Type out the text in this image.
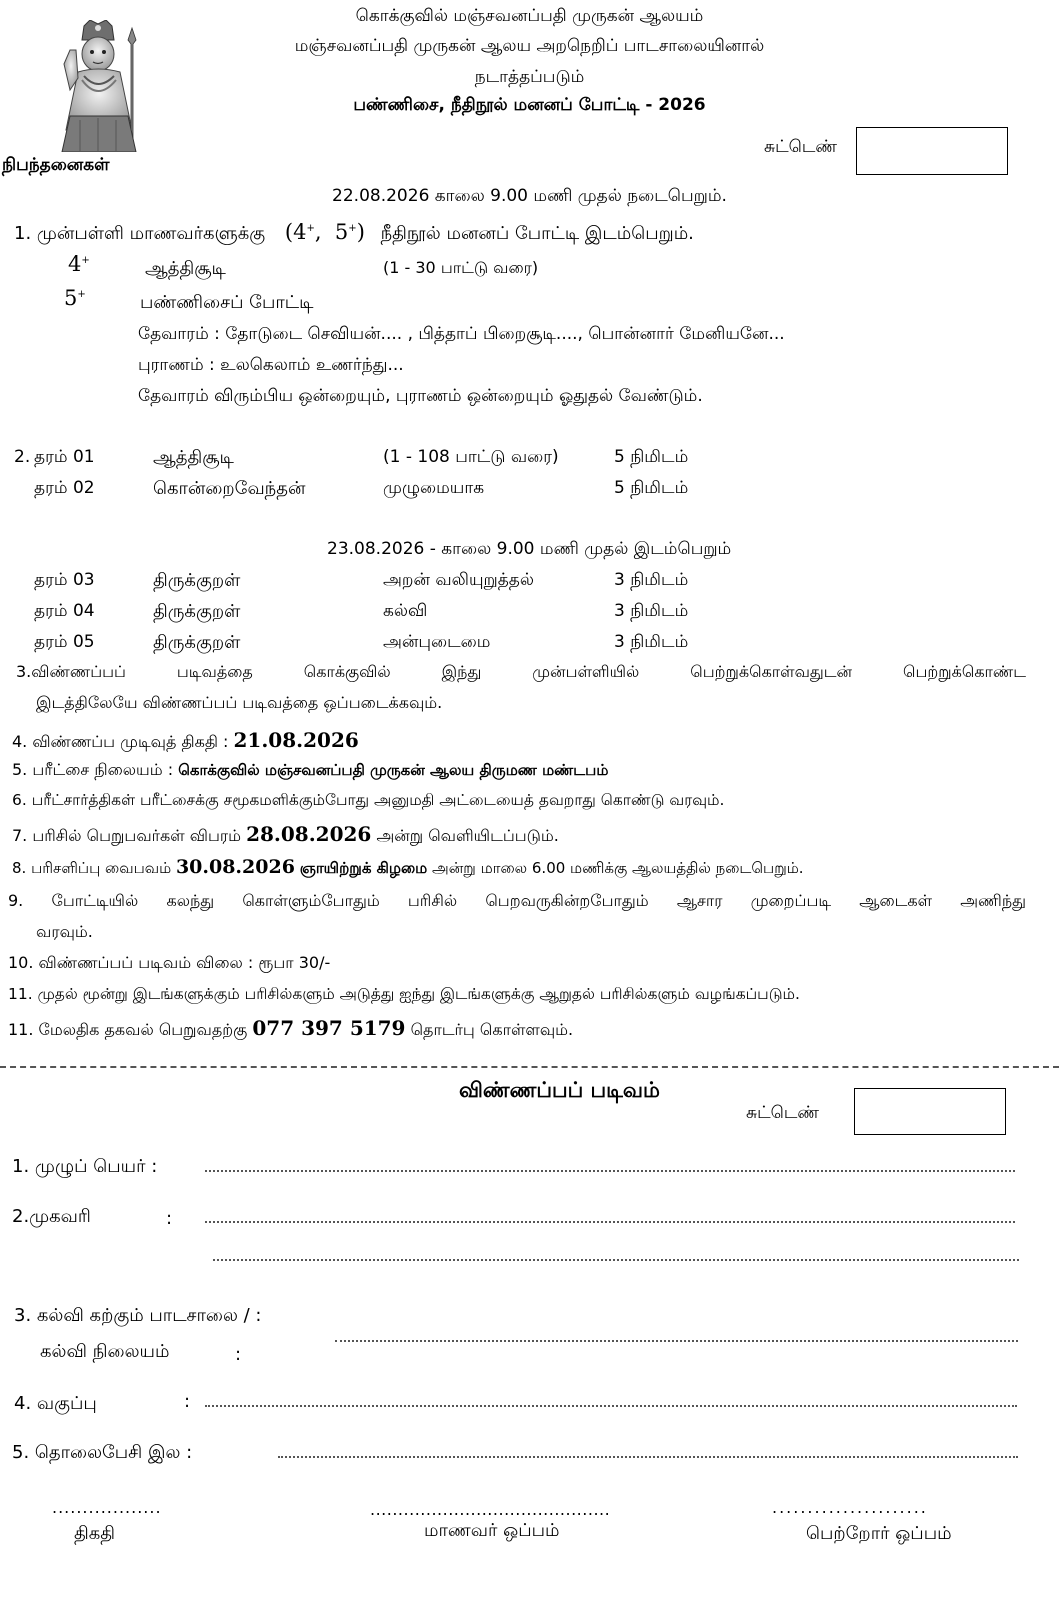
கொக்குவில் மஞ்சவனப்பதி முருகன் ஆலயம்
மஞ்சவனப்பதி முருகன் ஆலய அறநெறிப் பாடசாலையினால்
நடாத்தப்படும்
பண்ணிசை, நீதிநூல் மனனப் போட்டி - 2026
சுட்டெண்
நிபந்தனைகள்
22.08.2026 காலை 9.00 மணி முதல் நடைபெறும்.
1. முன்பள்ளி மாணவர்களுக்கு (4+,  5+) நீதிநூல் மனனப் போட்டி இடம்பெறும்.
4+	ஆத்திசூடி	(1 - 30 பாட்டு வரை)
5+	பண்ணிசைப் போட்டி
தேவாரம் : தோடுடை செவியன்.... , பித்தாப் பிறைசூடி...., பொன்னார் மேனியனே...
புராணம் : உலகெலாம் உணர்ந்து...
தேவாரம் விரும்பிய ஒன்றையும், புராணம் ஒன்றையும் ஓதுதல் வேண்டும்.
2. தரம் 01	ஆத்திசூடி	(1 - 108 பாட்டு வரை)	5 நிமிடம்
தரம் 02	கொன்றைவேந்தன்	முழுமையாக	5 நிமிடம்
23.08.2026 - காலை 9.00 மணி முதல் இடம்பெறும்
தரம் 03	திருக்குறள்	அறன் வலியுறுத்தல்	3 நிமிடம்
தரம் 04	திருக்குறள்	கல்வி	3 நிமிடம்
தரம் 05	திருக்குறள்	அன்புடைமை	3 நிமிடம்
3.விண்ணப்பப் படிவத்தை கொக்குவில் இந்து முன்பள்ளியில் பெற்றுக்கொள்வதுடன் பெற்றுக்கொண்ட
இடத்திலேயே விண்ணப்பப் படிவத்தை ஒப்படைக்கவும்.
4. விண்ணப்ப முடிவுத் திகதி : 21.08.2026
5. பரீட்சை நிலையம் : கொக்குவில் மஞ்சவனப்பதி முருகன் ஆலய திருமண மண்டபம்
6. பரீட்சார்த்திகள் பரீட்சைக்கு சமூகமளிக்கும்போது அனுமதி அட்டையைத் தவறாது கொண்டு வரவும்.
7. பரிசில் பெறுபவர்கள் விபரம் 28.08.2026 அன்று வெளியிடப்படும்.
8. பரிசளிப்பு வைபவம் 30.08.2026 ஞாயிற்றுக் கிழமை அன்று மாலை 6.00 மணிக்கு ஆலயத்தில் நடைபெறும்.
9. போட்டியில் கலந்து கொள்ளும்போதும் பரிசில் பெறவருகின்றபோதும் ஆசார முறைப்படி ஆடைகள் அணிந்து
வரவும்.
10. விண்ணப்பப் படிவம் விலை : ரூபா 30/-
11. முதல் மூன்று இடங்களுக்கும் பரிசில்களும் அடுத்து ஐந்து இடங்களுக்கு ஆறுதல் பரிசில்களும் வழங்கப்படும்.
11. மேலதிக தகவல் பெறுவதற்கு 077 397 5179 தொடர்பு கொள்ளவும்.
விண்ணப்பப் படிவம்
சுட்டெண்
1. முழுப் பெயர் :
2.முகவரி	:
3. கல்வி கற்கும் பாடசாலை / :
கல்வி நிலையம்	:
4. வகுப்பு	:
5. தொலைபேசி இல :
..................
திகதி
...........................................
மாணவர் ஒப்பம்
......................
பெற்றோர் ஒப்பம்
